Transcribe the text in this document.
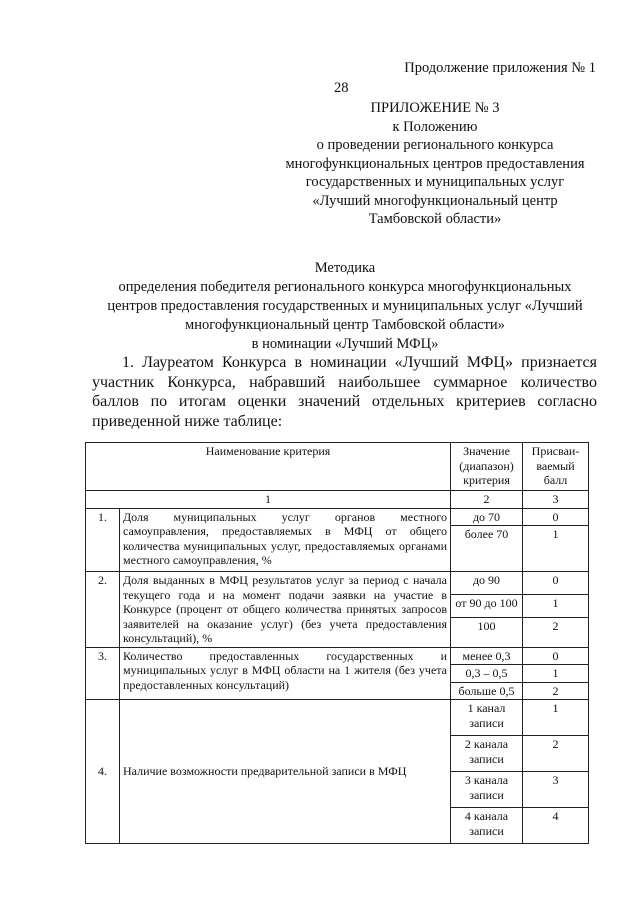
Продолжение приложения № 1
28
ПРИЛОЖЕНИЕ № 3
к Положению
о проведении регионального конкурса
многофункциональных центров предоставления
государственных и муниципальных услуг
«Лучший многофункциональный центр
Тамбовской области»
Методика
определения победителя регионального конкурса многофункциональных
центров предоставления государственных и муниципальных услуг «Лучший
многофункциональный центр Тамбовской области»
в номинации «Лучший МФЦ»
1. Лауреатом Конкурса в номинации «Лучший МФЦ» признается участник Конкурса, набравший наибольшее суммарное количество баллов по итогам оценки значений отдельных критериев согласно приведенной ниже таблице:
Наименование критерия		Значение (диапазон) критерия	Присваи- ваемый балл
1		2	3
1.	Доля муниципальных услуг органов местного самоуправления, предоставляемых в МФЦ от общего количества муниципальных услуг, предоставляемых органами местного самоуправления, %	до 70	0
		более 70	1
2.	Доля выданных в МФЦ результатов услуг за период с начала текущего года и на момент подачи заявки на участие в Конкурсе (процент от общего количества принятых запросов заявителей на оказание услуг) (без учета предоставления консультаций), %	до 90	0
		от 90 до 100	1
		100	2
3.	Количество предоставленных государственных и муниципальных услуг в МФЦ области на 1 жителя (без учета предоставленных консультаций)	менее 0,3	0
		0,3 – 0,5	1
		больше 0,5	2
4.	Наличие возможности предварительной записи в МФЦ	1 канал записи	1
		2 канала записи	2
		3 канала записи	3
		4 канала записи	4
